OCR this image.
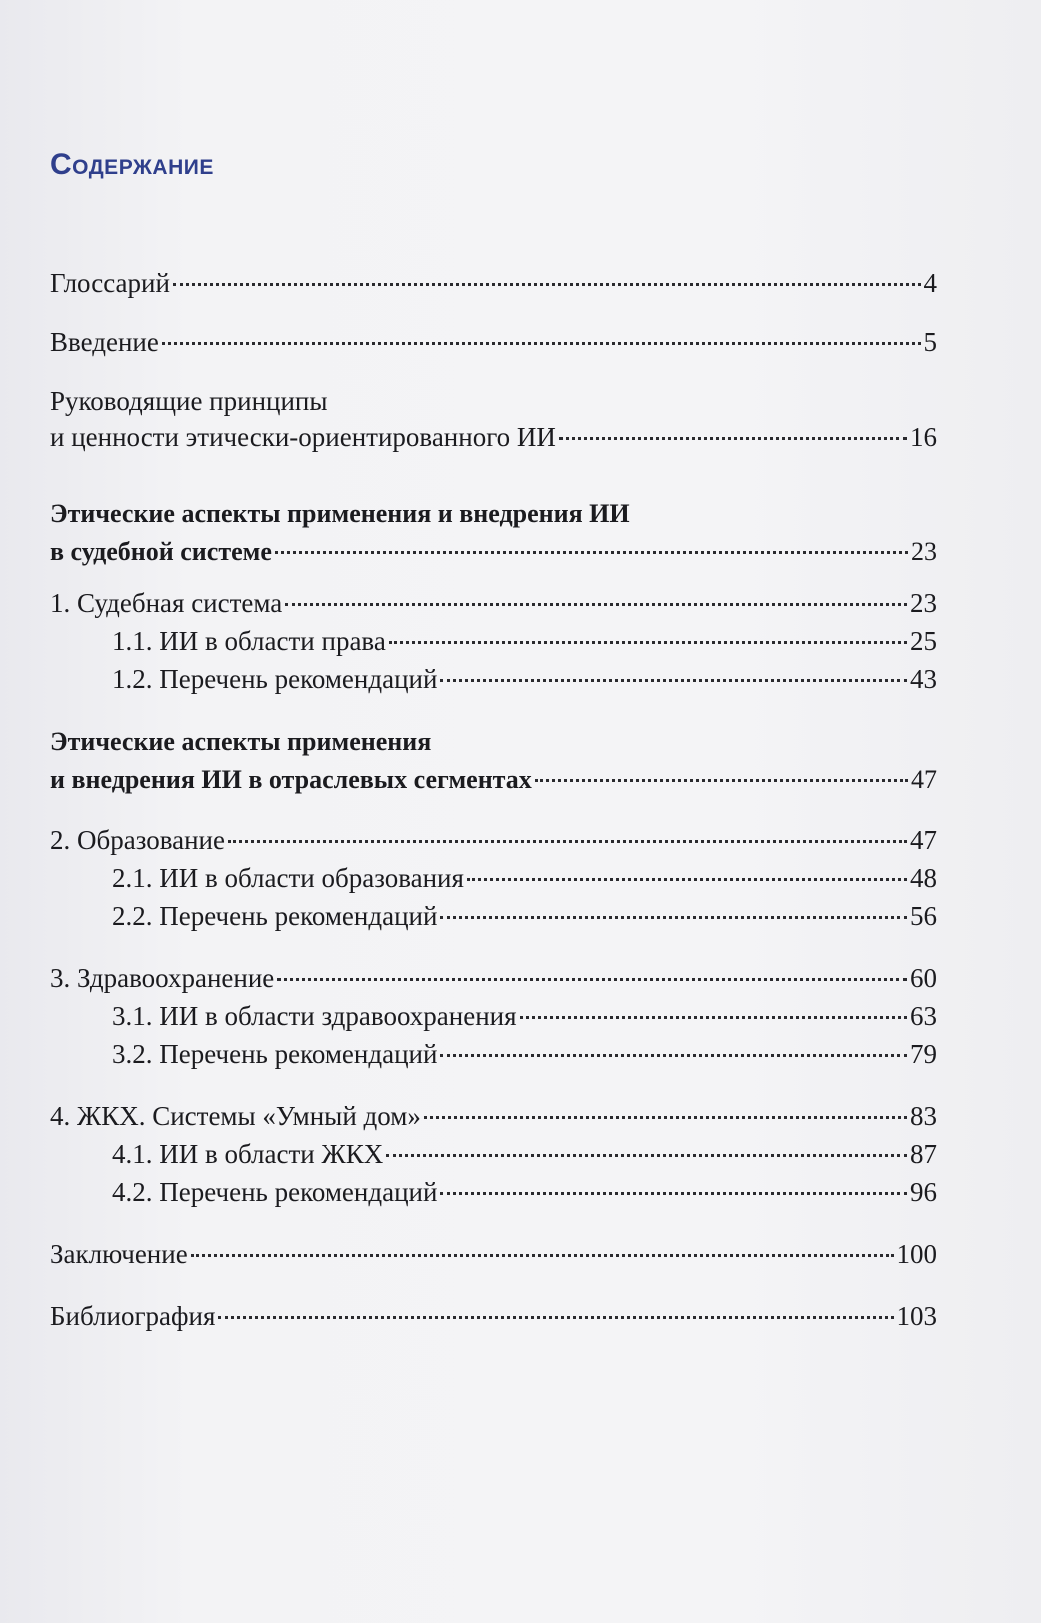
Содержание
Глоссарий	4
Введение	5
Руководящие принципы
и ценности этически-ориентированного ИИ	16
Этические аспекты применения и внедрения ИИ
в судебной системе	23
1. Судебная система	23
1.1. ИИ в области права	25
1.2. Перечень рекомендаций	43
Этические аспекты применения
и внедрения ИИ в отраслевых сегментах	47
2. Образование	47
2.1. ИИ в области образования	48
2.2. Перечень рекомендаций	56
3. Здравоохранение	60
3.1. ИИ в области здравоохранения	63
3.2. Перечень рекомендаций	79
4. ЖКХ. Системы «Умный дом»	83
4.1. ИИ в области ЖКХ	87
4.2. Перечень рекомендаций	96
Заключение	100
Библиография	103
